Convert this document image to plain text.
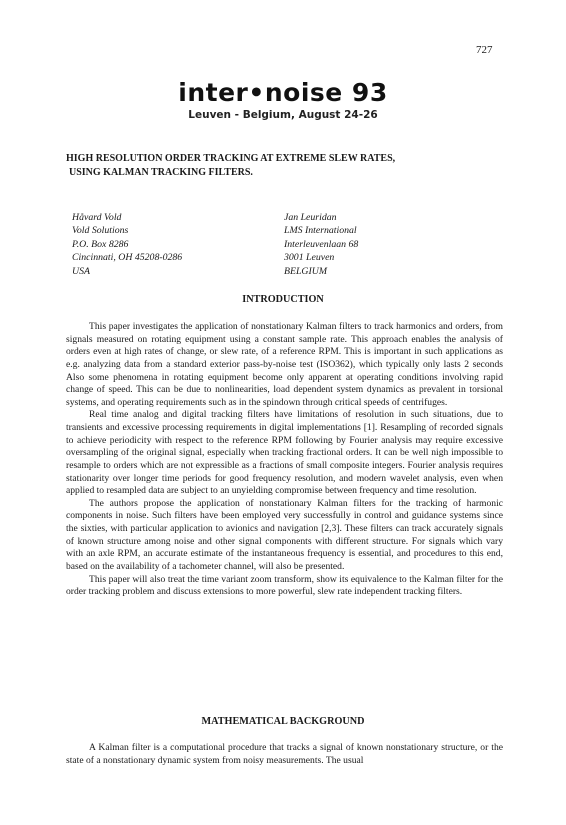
727
inter•noise 93
Leuven - Belgium, August 24-26
HIGH RESOLUTION ORDER TRACKING AT EXTREME SLEW RATES,
USING KALMAN TRACKING FILTERS.
Håvard Vold
Vold Solutions
P.O. Box 8286
Cincinnati, OH 45208-0286
USA
Jan Leuridan
LMS International
Interleuvenlaan 68
3001 Leuven
BELGIUM
INTRODUCTION

This paper investigates the application of nonstationary Kalman filters to track harmonics and orders, from signals measured on rotating equipment using a constant sample rate. This approach enables the analysis of orders even at high rates of change, or slew rate, of a reference RPM. This is important in such applications as e.g. analyzing data from a standard exterior pass-by-noise test (ISO362), which typically only lasts 2 seconds Also some phenomena in rotating equipment become only apparent at operating conditions involving rapid change of speed. This can be due to nonlinearities, load dependent system dynamics as prevalent in torsional systems, and operating requirements such as in the spindown through critical speeds of centrifuges.

Real time analog and digital tracking filters have limitations of resolution in such situations, due to transients and excessive processing requirements in digital implementations [1]. Resampling of recorded signals to achieve periodicity with respect to the reference RPM following by Fourier analysis may require excessive oversampling of the original signal, especially when tracking fractional orders. It can be well nigh impossible to resample to orders which are not expressible as a fractions of small composite integers. Fourier analysis requires stationarity over longer time periods for good frequency resolution, and modern wavelet analysis, even when applied to resampled data are subject to an unyielding compromise between frequency and time resolution.

The authors propose the application of nonstationary Kalman filters for the tracking of harmonic components in noise. Such filters have been employed very successfully in control and guidance systems since the sixties, with particular application to avionics and navigation [2,3]. These filters can track accurately signals of known structure among noise and other signal components with different structure. For signals which vary with an axle RPM, an accurate estimate of the instantaneous frequency is essential, and procedures to this end, based on the availability of a tachometer channel, will also be presented.

This paper will also treat the time variant zoom transform, show its equivalence to the Kalman filter for the order tracking problem and discuss extensions to more powerful, slew rate independent tracking filters.

MATHEMATICAL BACKGROUND

A Kalman filter is a computational procedure that tracks a signal of known nonstationary structure, or the state of a nonstationary dynamic system from noisy measurements. The usual
